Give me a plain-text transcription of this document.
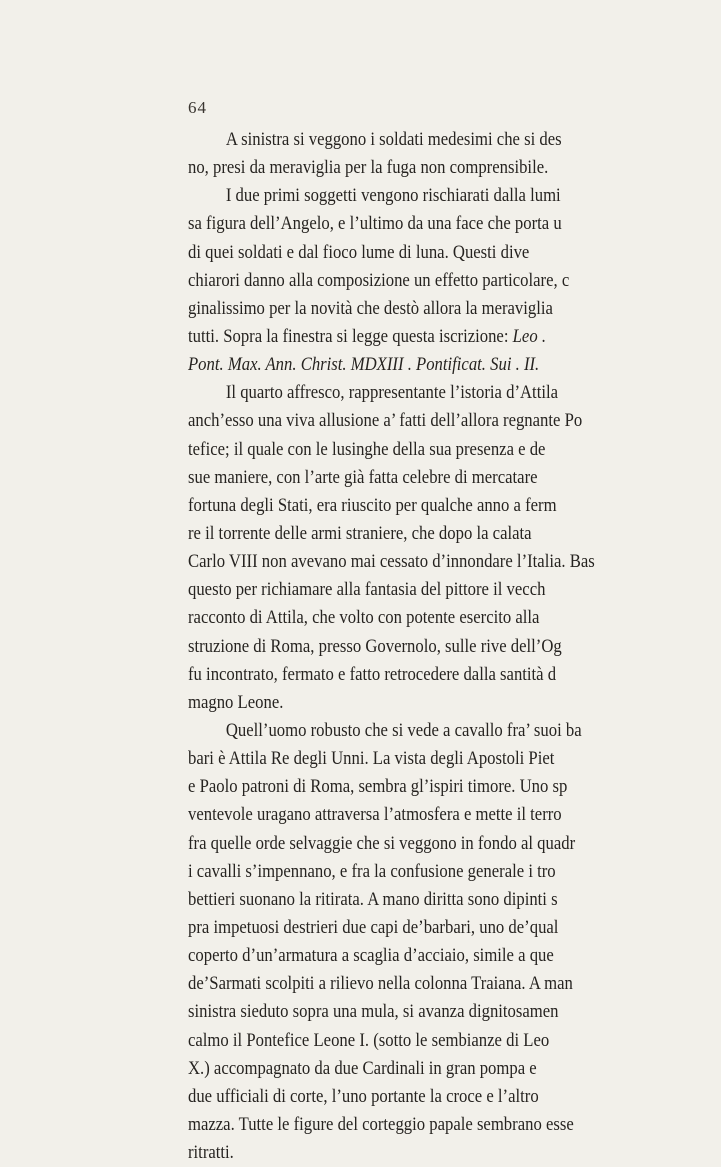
64
A sinistra si veggono i soldati medesimi che si des
no, presi da meraviglia per la fuga non comprensibile.
I due primi soggetti vengono rischiarati dalla lumi
sa figura dell’Angelo, e l’ultimo da una face che porta u
di quei soldati e dal fioco lume di luna. Questi dive
chiarori danno alla composizione un effetto particolare, c
ginalissimo per la novità che destò allora la meraviglia
tutti. Sopra la finestra si legge questa iscrizione: Leo .
Pont. Max. Ann. Christ. MDXIII . Pontificat. Sui . II.
Il quarto affresco, rappresentante l’istoria d’Attila
anch’esso una viva allusione a’ fatti dell’allora regnante Po
tefice; il quale con le lusinghe della sua presenza e de
sue maniere, con l’arte già fatta celebre di mercatare
fortuna degli Stati, era riuscito per qualche anno a ferm
re il torrente delle armi straniere, che dopo la calata
Carlo VIII non avevano mai cessato d’innondare l’Italia. Bas
questo per richiamare alla fantasia del pittore il vecch
racconto di Attila, che volto con potente esercito alla
struzione di Roma, presso Governolo, sulle rive dell’Og
fu incontrato, fermato e fatto retrocedere dalla santità d
magno Leone.
Quell’uomo robusto che si vede a cavallo fra’ suoi ba
bari è Attila Re degli Unni. La vista degli Apostoli Piet
e Paolo patroni di Roma, sembra gl’ispiri timore. Uno sp
ventevole uragano attraversa l’atmosfera e mette il terro
fra quelle orde selvaggie che si veggono in fondo al quadr
i cavalli s’impennano, e fra la confusione generale i tro
bettieri suonano la ritirata. A mano diritta sono dipinti s
pra impetuosi destrieri due capi de’barbari, uno de’qual
coperto d’un’armatura a scaglia d’acciaio, simile a que
de’Sarmati scolpiti a rilievo nella colonna Traiana. A man
sinistra sieduto sopra una mula, si avanza dignitosamen
calmo il Pontefice Leone I. (sotto le sembianze di Leo
X.) accompagnato da due Cardinali in gran pompa e
due ufficiali di corte, l’uno portante la croce e l’altro
mazza. Tutte le figure del corteggio papale sembrano esse
ritratti.
